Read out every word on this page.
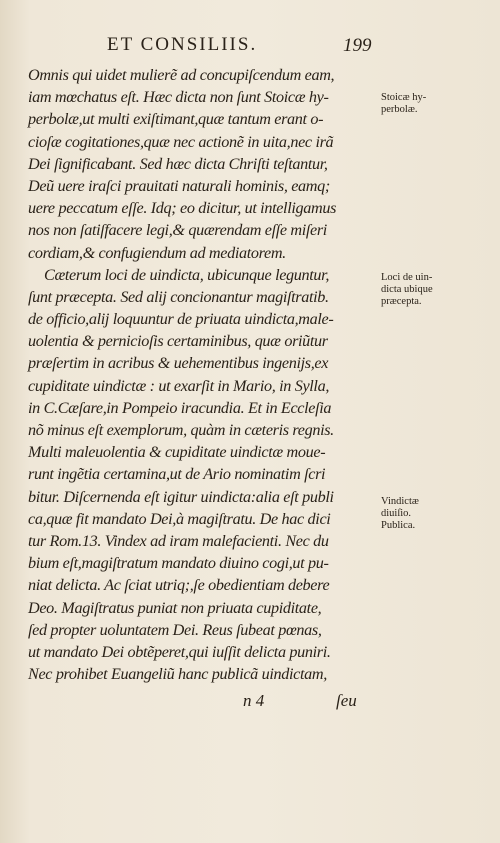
ET CONSILIIS.	199
Omnis qui uidet mulierẽ ad concupiſcendum eam,
iam mœchatus eſt. Hæc dicta non ſunt Stoicæ hy-
perbolæ,ut multi exiſtimant,quæ tantum erant o-
cioſæ cogitationes,quæ nec actionẽ in uita,nec irã
Dei ſignificabant. Sed hæc dicta Chriſti teſtantur,
Deũ uere iraſci prauitati naturali hominis, eamq;
uere peccatum eſſe. Idq; eo dicitur, ut intelligamus
nos non ſatiſfacere legi,& quærendam eſſe miſeri
cordiam,& confugiendum ad mediatorem.
Cæterum loci de uindicta, ubicunque leguntur,
ſunt præcepta. Sed alij concionantur magiſtratib.
de officio,alij loquuntur de priuata uindicta,male-
uolentia & pernicioſis certaminibus, quæ oriũtur
præſertim in acribus & uehementibus ingenijs,ex
cupiditate uindictæ : ut exarſit in Mario, in Sylla,
in C.Cæſare,in Pompeio iracundia. Et in Eccleſia
nõ minus eſt exemplorum, quàm in cæteris regnis.
Multi maleuolentia & cupiditate uindictæ moue-
runt ingẽtia certamina,ut de Ario nominatim ſcri
bitur. Diſcernenda eſt igitur uindicta:alia eſt publi
ca,quæ fit mandato Dei,à magiſtratu. De hac dici
tur Rom.13. Vindex ad iram malefacienti. Nec du
bium eſt,magiſtratum mandato diuino cogi,ut pu-
niat delicta. Ac ſciat utriq;,ſe obedientiam debere
Deo. Magiſtratus puniat non priuata cupiditate,
ſed propter uoluntatem Dei. Reus ſubeat pœnas,
ut mandato Dei obtẽperet,qui iuſſit delicta puniri.
Nec prohibet Euangeliũ hanc publicã uindictam,
Stoicæ hy-
perbolæ.
Loci de uin-
dicta ubique
præcepta.
Vindictæ
diuiſio.
Publica.
n 4	ſeu
